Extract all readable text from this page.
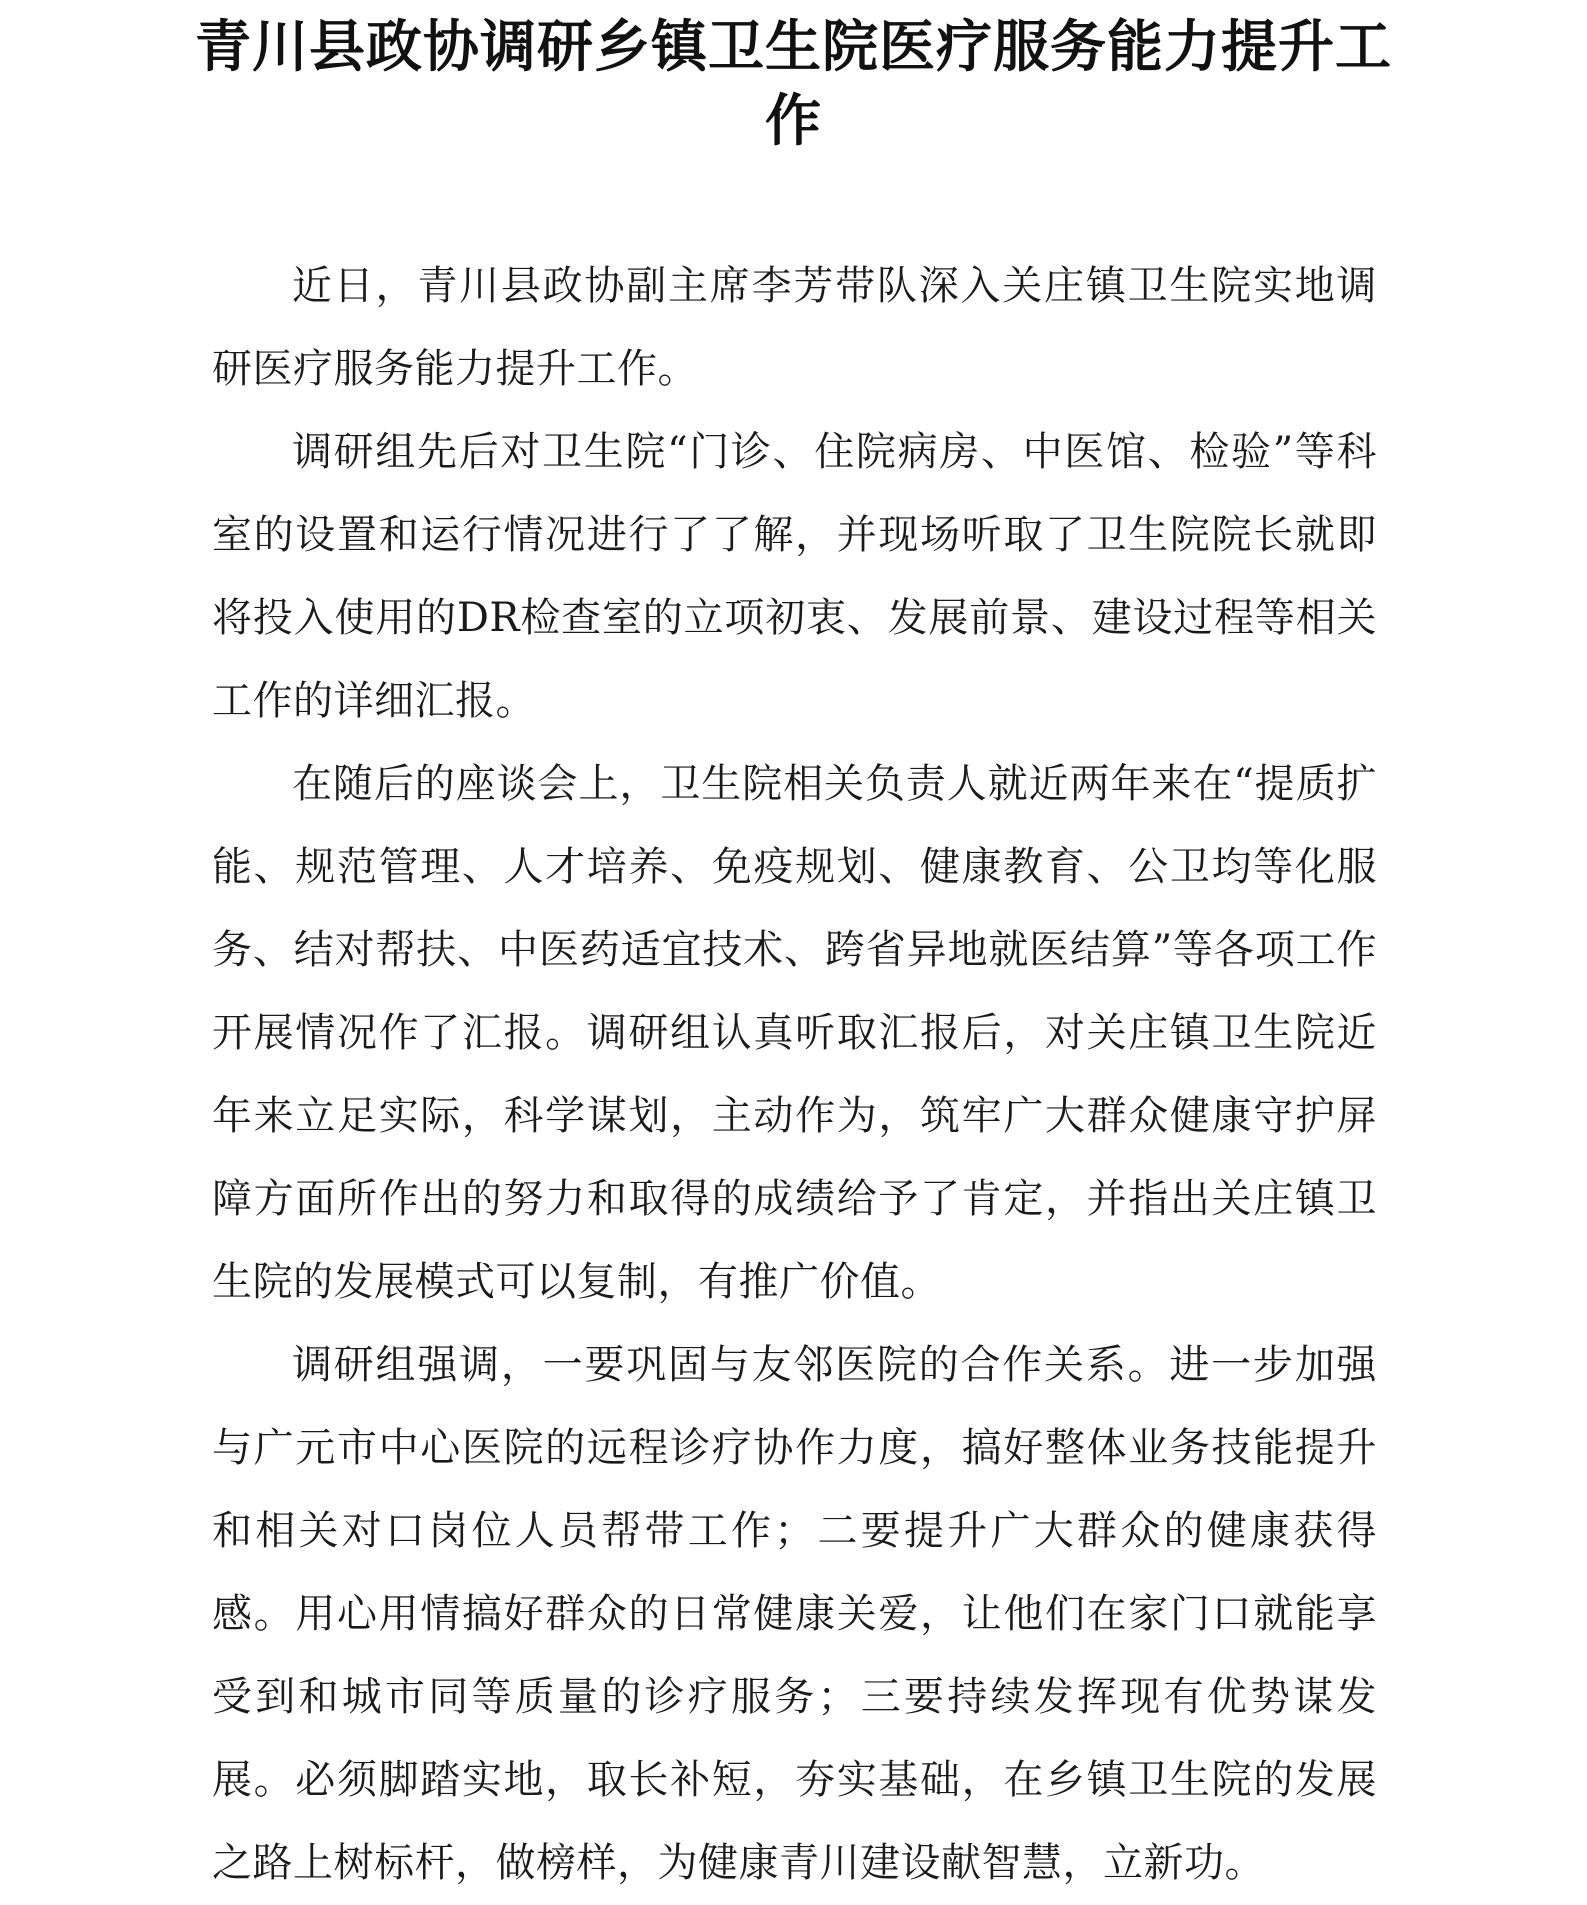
青川县政协调研乡镇卫生院医疗服务能力提升工作

近日，青川县政协副主席李芳带队深入关庄镇卫生院实地调研医疗服务能力提升工作。

调研组先后对卫生院“门诊、住院病房、中医馆、检验”等科室的设置和运行情况进行了了解，并现场听取了卫生院院长就即将投入使用的DR检查室的立项初衷、发展前景、建设过程等相关工作的详细汇报。

在随后的座谈会上，卫生院相关负责人就近两年来在“提质扩能、规范管理、人才培养、免疫规划、健康教育、公卫均等化服务、结对帮扶、中医药适宜技术、跨省异地就医结算”等各项工作开展情况作了汇报。调研组认真听取汇报后，对关庄镇卫生院近年来立足实际，科学谋划，主动作为，筑牢广大群众健康守护屏障方面所作出的努力和取得的成绩给予了肯定，并指出关庄镇卫生院的发展模式可以复制，有推广价值。

调研组强调，一要巩固与友邻医院的合作关系。进一步加强与广元市中心医院的远程诊疗协作力度，搞好整体业务技能提升和相关对口岗位人员帮带工作；二要提升广大群众的健康获得感。用心用情搞好群众的日常健康关爱，让他们在家门口就能享受到和城市同等质量的诊疗服务；三要持续发挥现有优势谋发展。必须脚踏实地，取长补短，夯实基础，在乡镇卫生院的发展之路上树标杆，做榜样，为健康青川建设献智慧，立新功。
